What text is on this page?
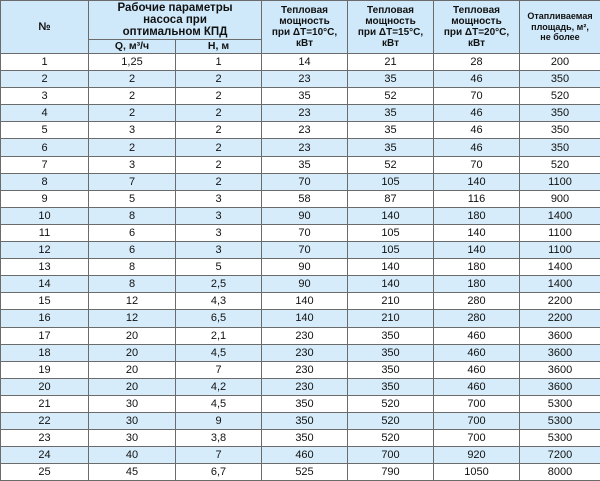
№	Рабочие параметры
насоса при
оптимальном КПД		Тепловая
мощность
при ΔT=10°С,
кВт	Тепловая
мощность
при ΔT=15°С,
кВт	Тепловая
мощность
при ΔT=20°С,
кВт	Отапливаемая
площадь, м²,
не более

	Q, м³/ч	H, м				
1	1,25	1	14	21	28	200
2	2	2	23	35	46	350
3	2	2	35	52	70	520
4	2	2	23	35	46	350
5	3	2	23	35	46	350
6	2	2	23	35	46	350
7	3	2	35	52	70	520
8	7	2	70	105	140	1100
9	5	3	58	87	116	900
10	8	3	90	140	180	1400
11	6	3	70	105	140	1100
12	6	3	70	105	140	1100
13	8	5	90	140	180	1400
14	8	2,5	90	140	180	1400
15	12	4,3	140	210	280	2200
16	12	6,5	140	210	280	2200
17	20	2,1	230	350	460	3600
18	20	4,5	230	350	460	3600
19	20	7	230	350	460	3600
20	20	4,2	230	350	460	3600
21	30	4,5	350	520	700	5300
22	30	9	350	520	700	5300
23	30	3,8	350	520	700	5300
24	40	7	460	700	920	7200
25	45	6,7	525	790	1050	8000
